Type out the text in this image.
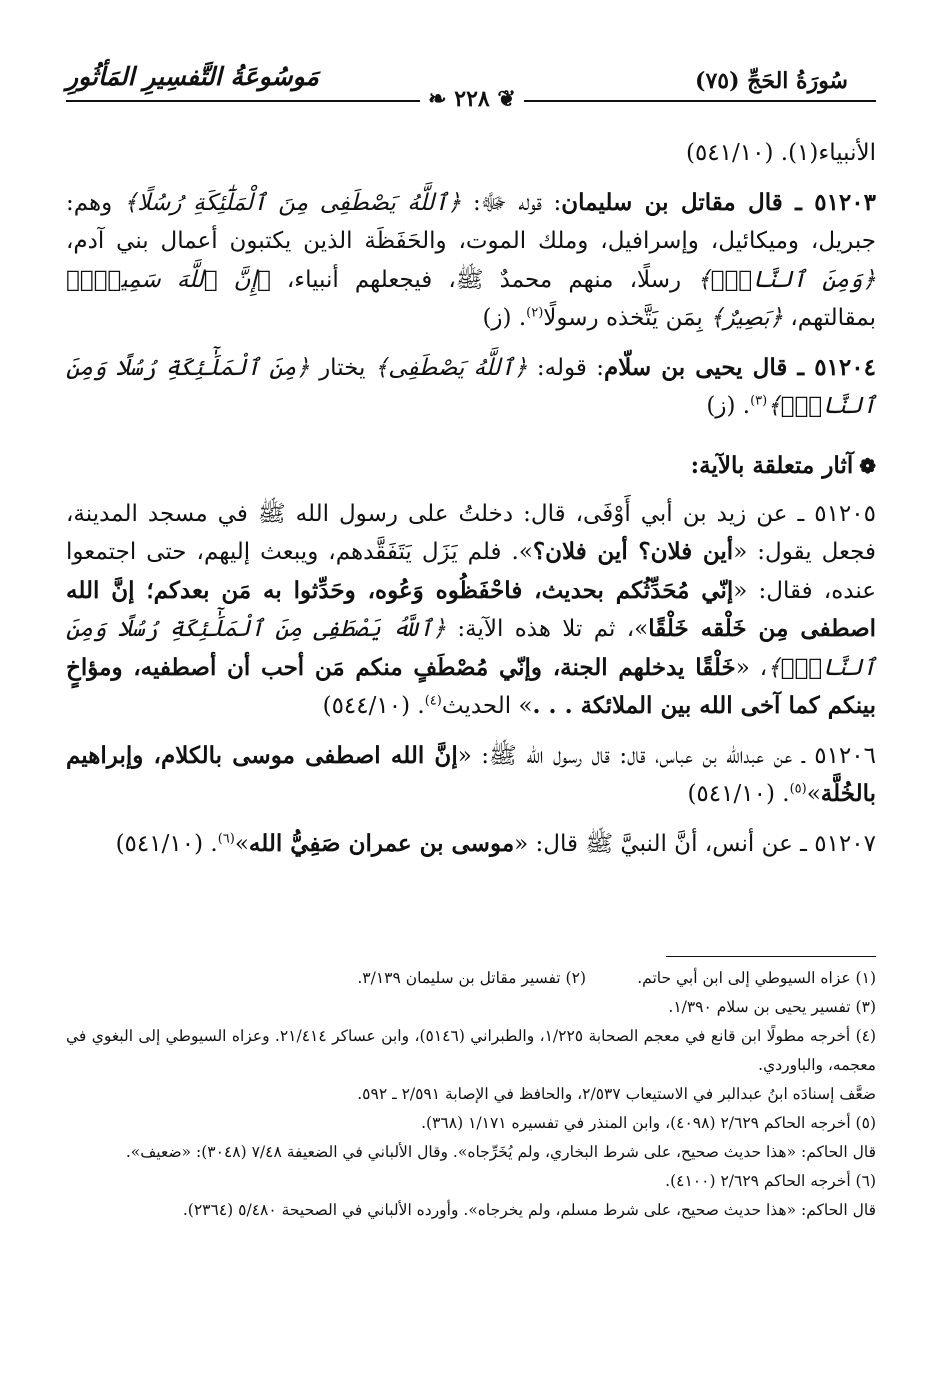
سُورَةُ الحَجِّ (٧٥)
مَوسُوعَةُ التَّفسِيرِ المَأثُورِ
❦ ٢٢٨ ❧

الأنبياء(١). (٥٤١/١٠)

٥١٢٠٣ ـ قال مقاتل بن سليمان: قوله ﷻ: ﴿ٱللَّهُ يَصْطَفِى مِنَ ٱلْمَلَٰٓئِكَةِ رُسُلًا﴾ وهم: جبريل، وميكائيل، وإسرافيل، وملك الموت، والحَفَظَة الذين يكتبون أعمال بني آدم، ﴿وَمِنَ ٱلنَّاسِۚ﴾ رسلًا، منهم محمدٌ ﷺ، فيجعلهم أنبياء، ﴿إِنَّ ٱللَّهَ سَمِيعٌۢ﴾ بمقالتهم، ﴿بَصِيرٌ﴾ بِمَن يَتَّخذه رسولًا$^{(٢)}$. (ز)

٥١٢٠٤ ـ قال يحيى بن سلّام: قوله: ﴿ٱللَّهُ يَصْطَفِى﴾ يختار ﴿مِنَ ٱلْمَلَٰٓئِكَةِ رُسُلًا وَمِنَ ٱلنَّاسِۚ﴾$^{(٣)}$. (ز)

❁آثار متعلقة بالآية:

٥١٢٠٥ ـ عن زيد بن أبي أَوْفَى، قال: دخلتُ على رسول الله ﷺ في مسجد المدينة، فجعل يقول: «أين فلان؟ أين فلان؟». فلم يَزَل يَتَفَقَّدهم، ويبعث إليهم، حتى اجتمعوا عنده، فقال: «إنّي مُحَدِّثُكم بحديث، فاحْفَظُوه وَعُوه، وحَدِّثوا به مَن بعدكم؛ إنَّ الله اصطفى مِن خَلْقه خَلْقًا»، ثم تلا هذه الآية: ﴿ٱللَّهُ يَصْطَفِى مِنَ ٱلْمَلَٰٓئِكَةِ رُسُلًا وَمِنَ ٱلنَّاسِۚ﴾، «خَلْقًا يدخلهم الجنة، وإنّي مُصْطَفٍ منكم مَن أحب أن أصطفيه، ومؤاخٍ بينكم كما آخى الله بين الملائكة . . .» الحديث$^{(٤)}$. (٥٤٤/١٠)

٥١٢٠٦ ـ عن عبدالله بن عباس، قال: قال رسول الله ﷺ: «إنَّ الله اصطفى موسى بالكلام، وإبراهيم بالخُلَّة»$^{(٥)}$. (٥٤١/١٠)

٥١٢٠٧ ـ عن أنس، أنَّ النبيَّ ﷺ قال: «موسى بن عمران صَفِيُّ الله»$^{(٦)}$. (٥٤١/١٠)

(١) عزاه السيوطي إلى ابن أبي حاتم.
(٢) تفسير مقاتل بن سليمان ٣/١٣٩.
(٣) تفسير يحيى بن سلام ١/٣٩٠.
(٤) أخرجه مطولًا ابن قانع في معجم الصحابة ١/٢٢٥، والطبراني (٥١٤٦)، وابن عساكر ٢١/٤١٤. وعزاه السيوطي إلى البغوي في معجمه، والباوردي.
ضعَّف إسنادَه ابنُ عبدالبر في الاستيعاب ٢/٥٣٧، والحافظ في الإصابة ٢/٥٩١ ـ ٥٩٢.
(٥) أخرجه الحاكم ٢/٦٢٩ (٤٠٩٨)، وابن المنذر في تفسيره ١/١٧١ (٣٦٨).
قال الحاكم: «هذا حديث صحيح، على شرط البخاري، ولم يُخَرِّجاه». وقال الألباني في الضعيفة ٧/٤٨ (٣٠٤٨): «ضعيف».
(٦) أخرجه الحاكم ٢/٦٢٩ (٤١٠٠).
قال الحاكم: «هذا حديث صحيح، على شرط مسلم، ولم يخرجاه». وأورده الألباني في الصحيحة ٥/٤٨٠ (٢٣٦٤).
